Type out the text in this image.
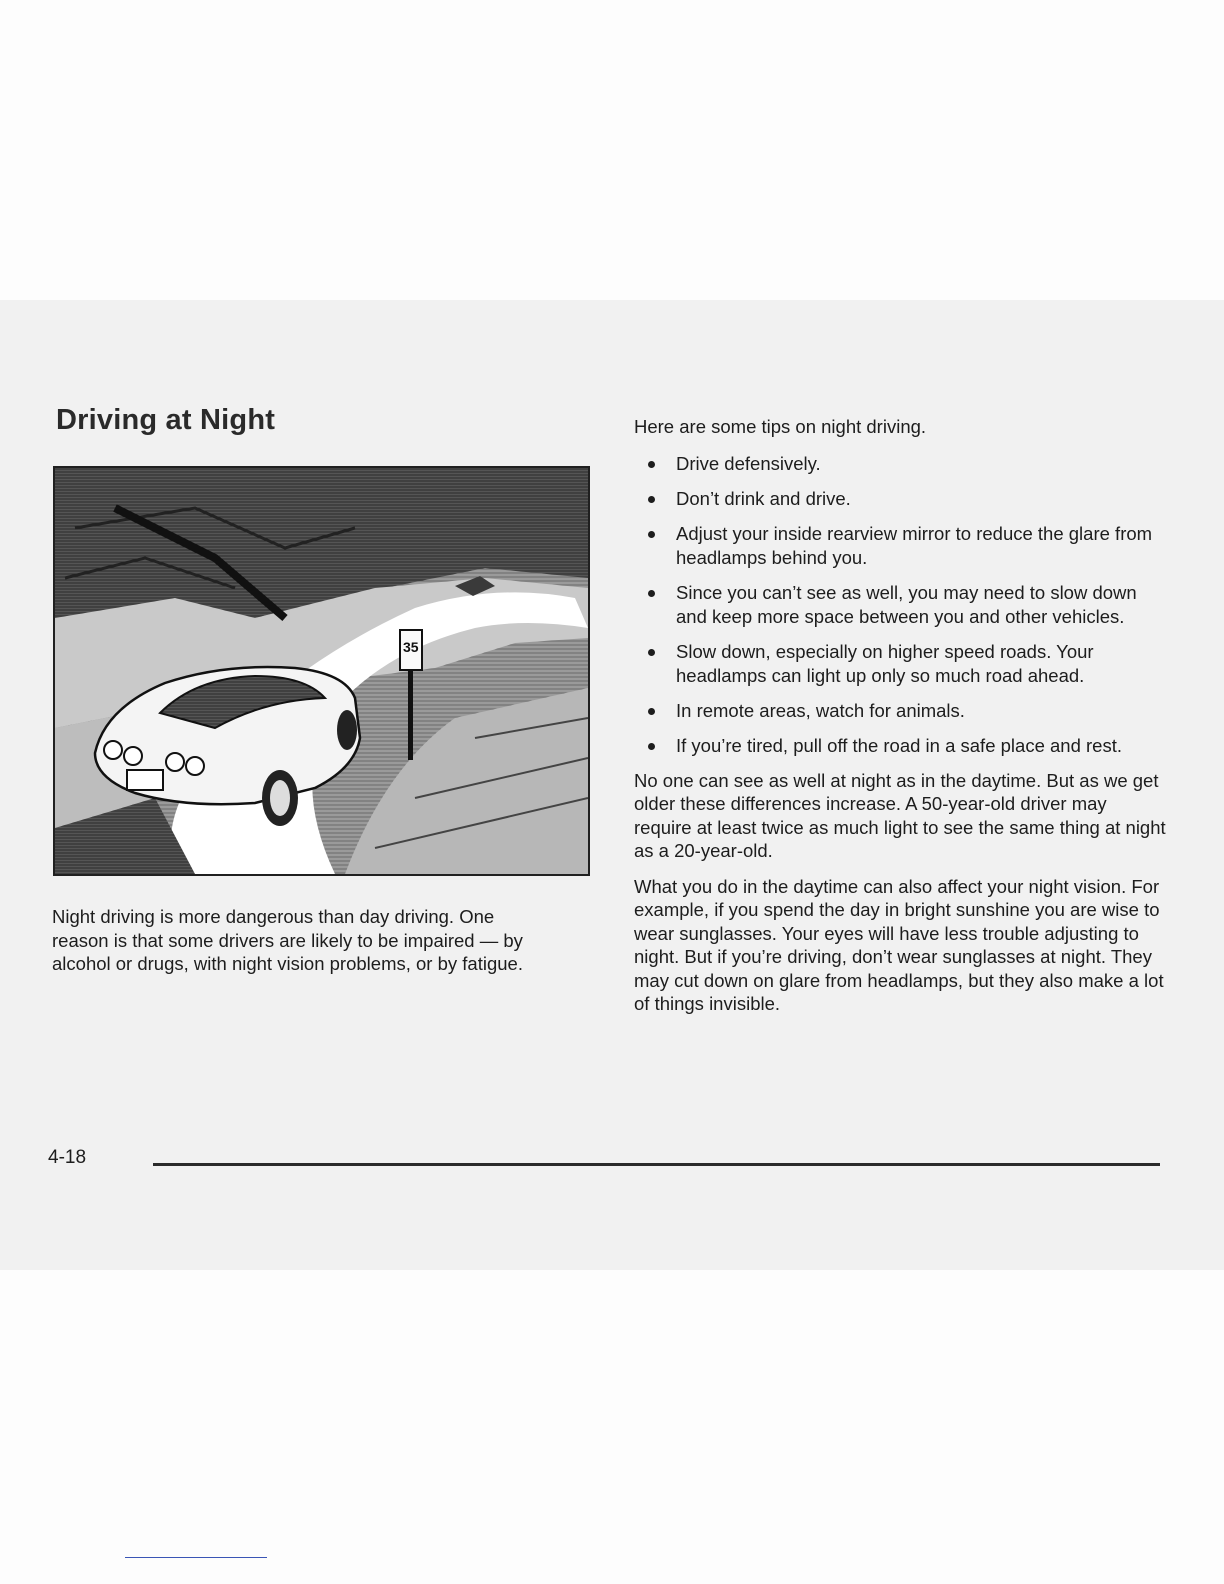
Driving at Night
35

Night driving is more dangerous than day driving. One reason is that some drivers are likely to be impaired — by alcohol or drugs, with night vision problems, or by fatigue.

Here are some tips on night driving.

Drive defensively.
Don’t drink and drive.
Adjust your inside rearview mirror to reduce the glare from headlamps behind you.
Since you can’t see as well, you may need to slow down and keep more space between you and other vehicles.
Slow down, especially on higher speed roads. Your headlamps can light up only so much road ahead.
In remote areas, watch for animals.
If you’re tired, pull off the road in a safe place and rest.

No one can see as well at night as in the daytime. But as we get older these differences increase. A 50-year-old driver may require at least twice as much light to see the same thing at night as a 20-year-old.

What you do in the daytime can also affect your night vision. For example, if you spend the day in bright sunshine you are wise to wear sunglasses. Your eyes will have less trouble adjusting to night. But if you’re driving, don’t wear sunglasses at night. They may cut down on glare from headlamps, but they also make a lot of things invisible.

4-18
